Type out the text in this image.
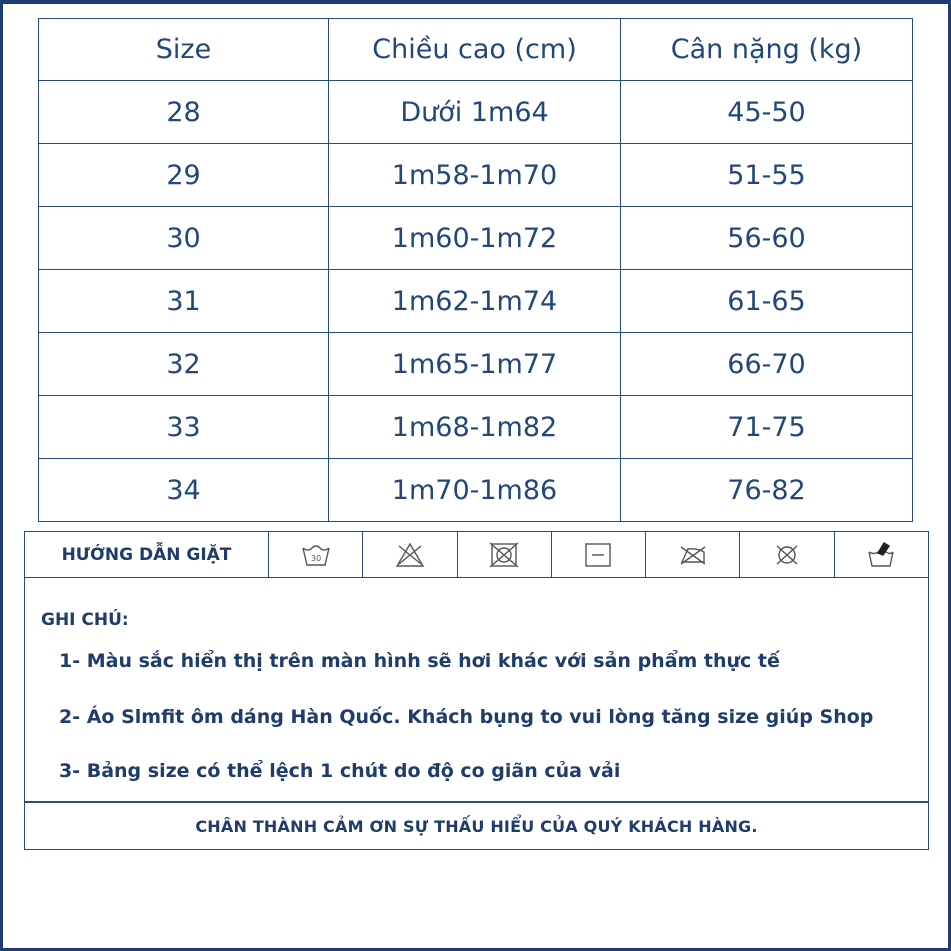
Size	Chiều cao (cm)	Cân nặng (kg)
28	Dưới 1m64	45-50
29	1m58-1m70	51-55
30	1m60-1m72	56-60
31	1m62-1m74	61-65
32	1m65-1m77	66-70
33	1m68-1m82	71-75
34	1m70-1m86	76-82
HƯỚNG DẪN GIẶT	30
GHI CHÚ:
1- Màu sắc hiển thị trên màn hình sẽ hơi khác với sản phẩm thực tế
2- Áo Slmfit ôm dáng Hàn Quốc. Khách bụng to vui lòng tăng size giúp Shop
3- Bảng size có thể lệch 1 chút do độ co giãn của vải
CHÂN THÀNH CẢM ƠN SỰ THẤU HIỂU CỦA QUÝ KHÁCH HÀNG.
